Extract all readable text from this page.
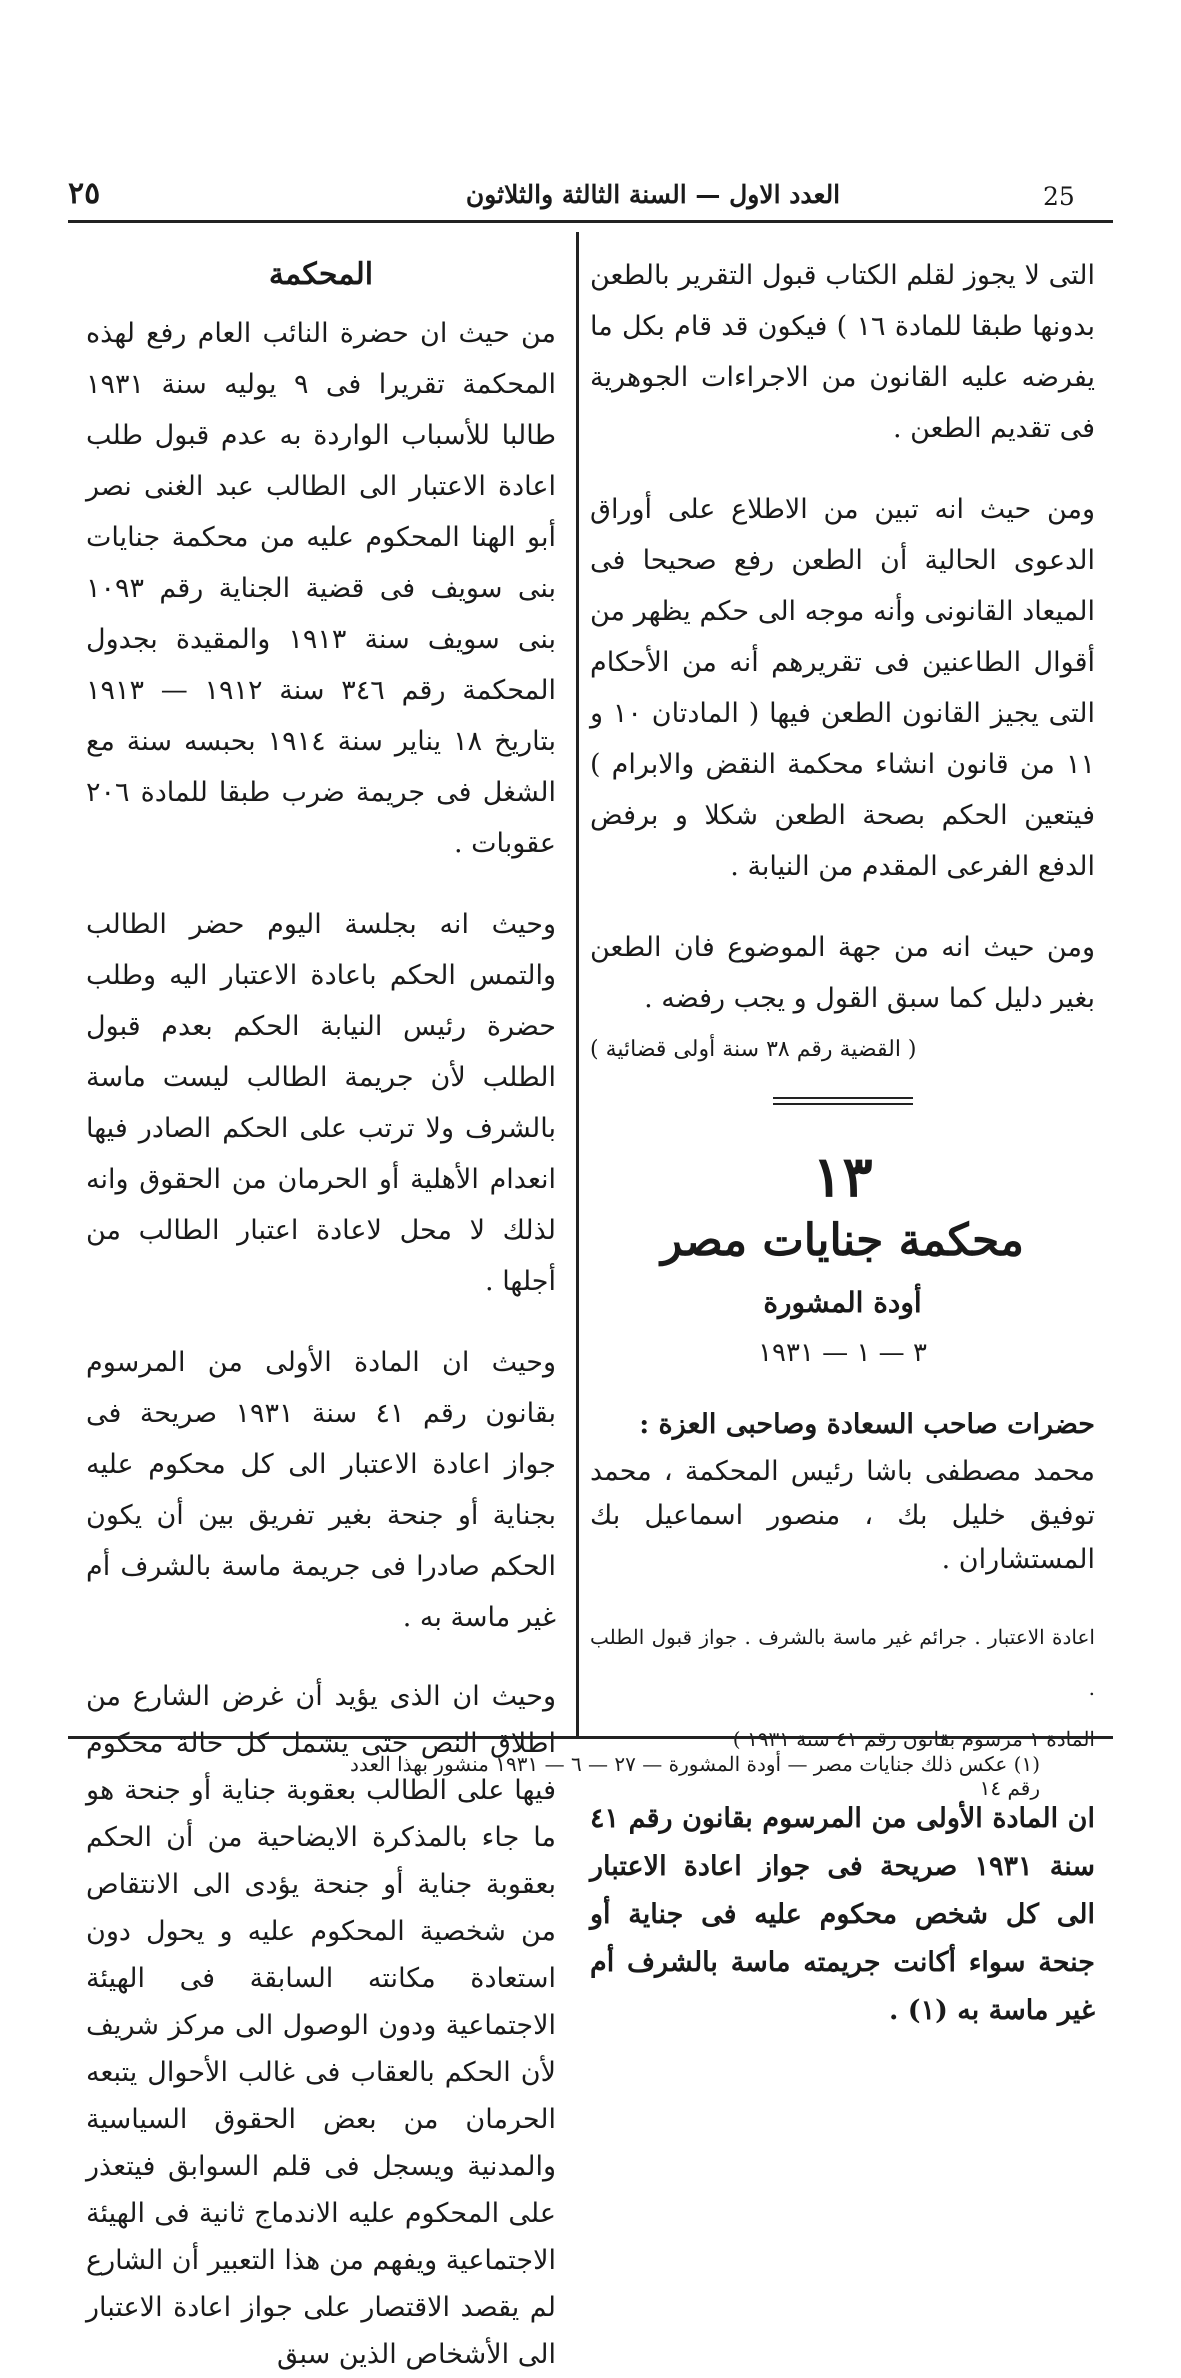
25
العدد الاول — السنة الثالثة والثلاثون
٢٥

التى لا يجوز لقلم الكتاب قبول التقرير بالطعن بدونها طبقا للمادة ١٦ ) فيكون قد قام بكل ما يفرضه عليه القانون من الاجراءات الجوهرية فى تقديم الطعن .

ومن حيث انه تبين من الاطلاع على أوراق الدعوى الحالية أن الطعن رفع صحيحا فى الميعاد القانونى وأنه موجه الى حكم يظهر من أقوال الطاعنين فى تقريرهم أنه من الأحكام التى يجيز القانون الطعن فيها ( المادتان ١٠ و ١١ من قانون انشاء محكمة النقض والابرام ) فيتعين الحكم بصحة الطعن شكلا و برفض الدفع الفرعى المقدم من النيابة .

ومن حيث انه من جهة الموضوع فان الطعن بغير دليل كما سبق القول و يجب رفضه .

( القضية رقم ٣٨ سنة أولى قضائية )

١٣
محكمة جنايات مصر
أودة المشورة
٣ — ١ — ١٩٣١

حضرات صاحب السعادة وصاحبى العزة :

محمد مصطفى باشا رئيس المحكمة ، محمد توفيق خليل بك ، منصور اسماعيل بك المستشاران .

اعادة الاعتبار . جرائم غير ماسة بالشرف . جواز قبول الطلب .

المادة ١ مرسوم بقانون رقم ٤١ سنة ١٩٣١ )

ان المادة الأولى من المرسوم بقانون رقم ٤١ سنة ١٩٣١ صريحة فى جواز اعادة الاعتبار الى كل شخص محكوم عليه فى جناية أو جنحة سواء أكانت جريمته ماسة بالشرف أم غير ماسة به (١) .

المحكمة

من حيث ان حضرة النائب العام رفع لهذه المحكمة تقريرا فى ٩ يوليه سنة ١٩٣١ طالبا للأسباب الواردة به عدم قبول طلب اعادة الاعتبار الى الطالب عبد الغنى نصر أبو الهنا المحكوم عليه من محكمة جنايات بنى سويف فى قضية الجناية رقم ١٠٩٣ بنى سويف سنة ١٩١٣ والمقيدة بجدول المحكمة رقم ٣٤٦ سنة ١٩١٢ — ١٩١٣ بتاريخ ١٨ يناير سنة ١٩١٤ بحبسه سنة مع الشغل فى جريمة ضرب طبقا للمادة ٢٠٦ عقوبات .

وحيث انه بجلسة اليوم حضر الطالب والتمس الحكم باعادة الاعتبار اليه وطلب حضرة رئيس النيابة الحكم بعدم قبول الطلب لأن جريمة الطالب ليست ماسة بالشرف ولا ترتب على الحكم الصادر فيها انعدام الأهلية أو الحرمان من الحقوق وانه لذلك لا محل لاعادة اعتبار الطالب من أجلها .

وحيث ان المادة الأولى من المرسوم بقانون رقم ٤١ سنة ١٩٣١ صريحة فى جواز اعادة الاعتبار الى كل محكوم عليه بجناية أو جنحة بغير تفريق بين أن يكون الحكم صادرا فى جريمة ماسة بالشرف أم غير ماسة به .

وحيث ان الذى يؤيد أن غرض الشارع من اطلاق النص حتى يشمل كل حالة محكوم فيها على الطالب بعقوبة جناية أو جنحة هو ما جاء بالمذكرة الايضاحية من أن الحكم بعقوبة جناية أو جنحة يؤدى الى الانتقاص من شخصية المحكوم عليه و يحول دون استعادة مكانته السابقة فى الهيئة الاجتماعية ودون الوصول الى مركز شريف لأن الحكم بالعقاب فى غالب الأحوال يتبعه الحرمان من بعض الحقوق السياسية والمدنية ويسجل فى قلم السوابق فيتعذر على المحكوم عليه الاندماج ثانية فى الهيئة الاجتماعية ويفهم من هذا التعبير أن الشارع لم يقصد الاقتصار على جواز اعادة الاعتبار الى الأشخاص الذين سبق

(١) عكس ذلك جنايات مصر — أودة المشورة — ٢٧ — ٦ — ١٩٣١ منشور بهذا العدد رقم ١٤
